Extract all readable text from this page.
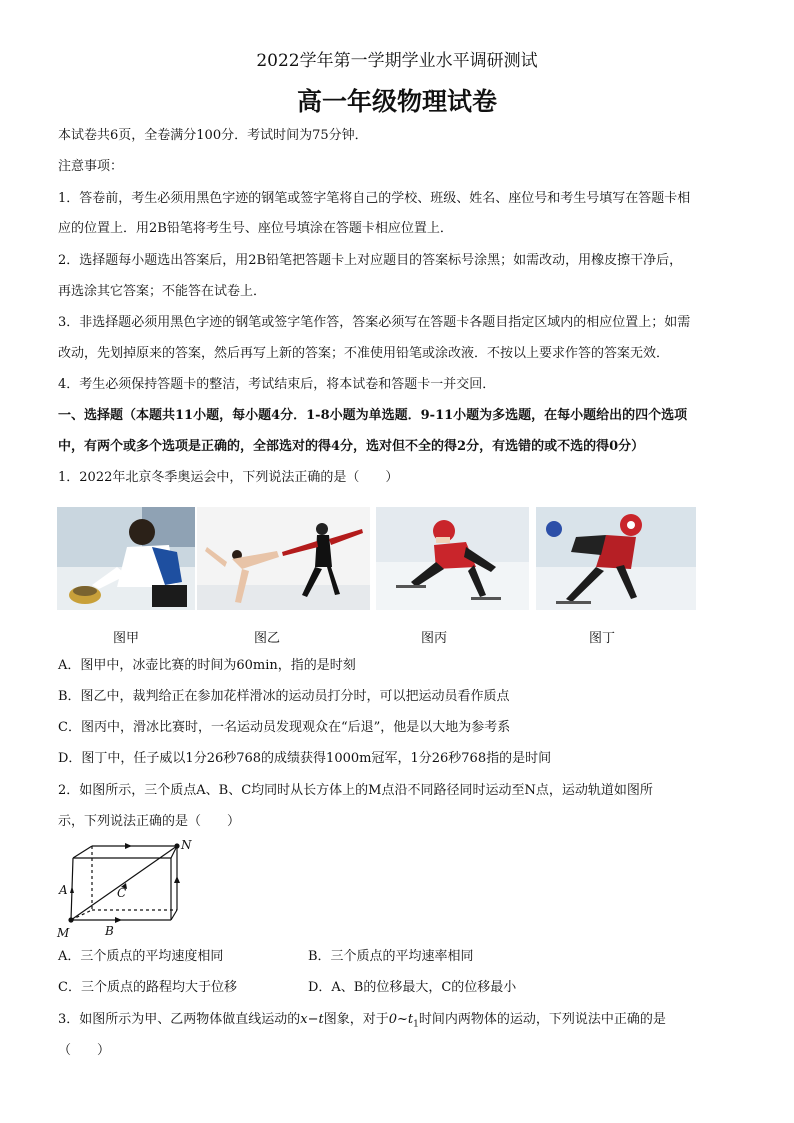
2022学年第一学期学业水平调研测试
高一年级物理试卷
本试卷共6页，全卷满分100分．考试时间为75分钟．
注意事项：
1．答卷前，考生必须用黑色字迹的钢笔或签字笔将自己的学校、班级、姓名、座位号和考生号填写在答题卡相
应的位置上．用2B铅笔将考生号、座位号填涂在答题卡相应位置上．
2．选择题每小题选出答案后，用2B铅笔把答题卡上对应题目的答案标号涂黑；如需改动，用橡皮擦干净后，
再选涂其它答案；不能答在试卷上．
3．非选择题必须用黑色字迹的钢笔或签字笔作答，答案必须写在答题卡各题目指定区域内的相应位置上；如需
改动，先划掉原来的答案，然后再写上新的答案；不准使用铅笔或涂改液．不按以上要求作答的答案无效．
4．考生必须保持答题卡的整洁，考试结束后，将本试卷和答题卡一并交回．
一、选择题（本题共11小题，每小题4分．1-8小题为单选题．9-11小题为多选题，在每小题给出的四个选项
中，有两个或多个选项是正确的，全部选对的得4分，选对但不全的得2分，有选错的或不选的得0分）
1．2022年北京冬季奥运会中，下列说法正确的是（　　）
图甲	图乙	图丙	图丁
A．图甲中，冰壶比赛的时间为60min，指的是时刻
B．图乙中，裁判给正在参加花样滑冰的运动员打分时，可以把运动员看作质点
C．图丙中，滑冰比赛时，一名运动员发现观众在“后退”，他是以大地为参考系
D．图丁中，任子威以1分26秒768的成绩获得1000m冠军，1分26秒768指的是时间
2．如图所示，三个质点A、B、C均同时从长方体上的M点沿不同路径同时运动至N点，运动轨道如图所
示，下列说法正确的是（　　）
N
M
A
B
C
A．三个质点的平均速度相同	B．三个质点的平均速率相同
C．三个质点的路程均大于位移	D．A、B的位移最大，C的位移最小
3．如图所示为甲、乙两物体做直线运动的x−t图象，对于$0\sim t_1$时间内两物体的运动，下列说法中正确的是
（　　）
